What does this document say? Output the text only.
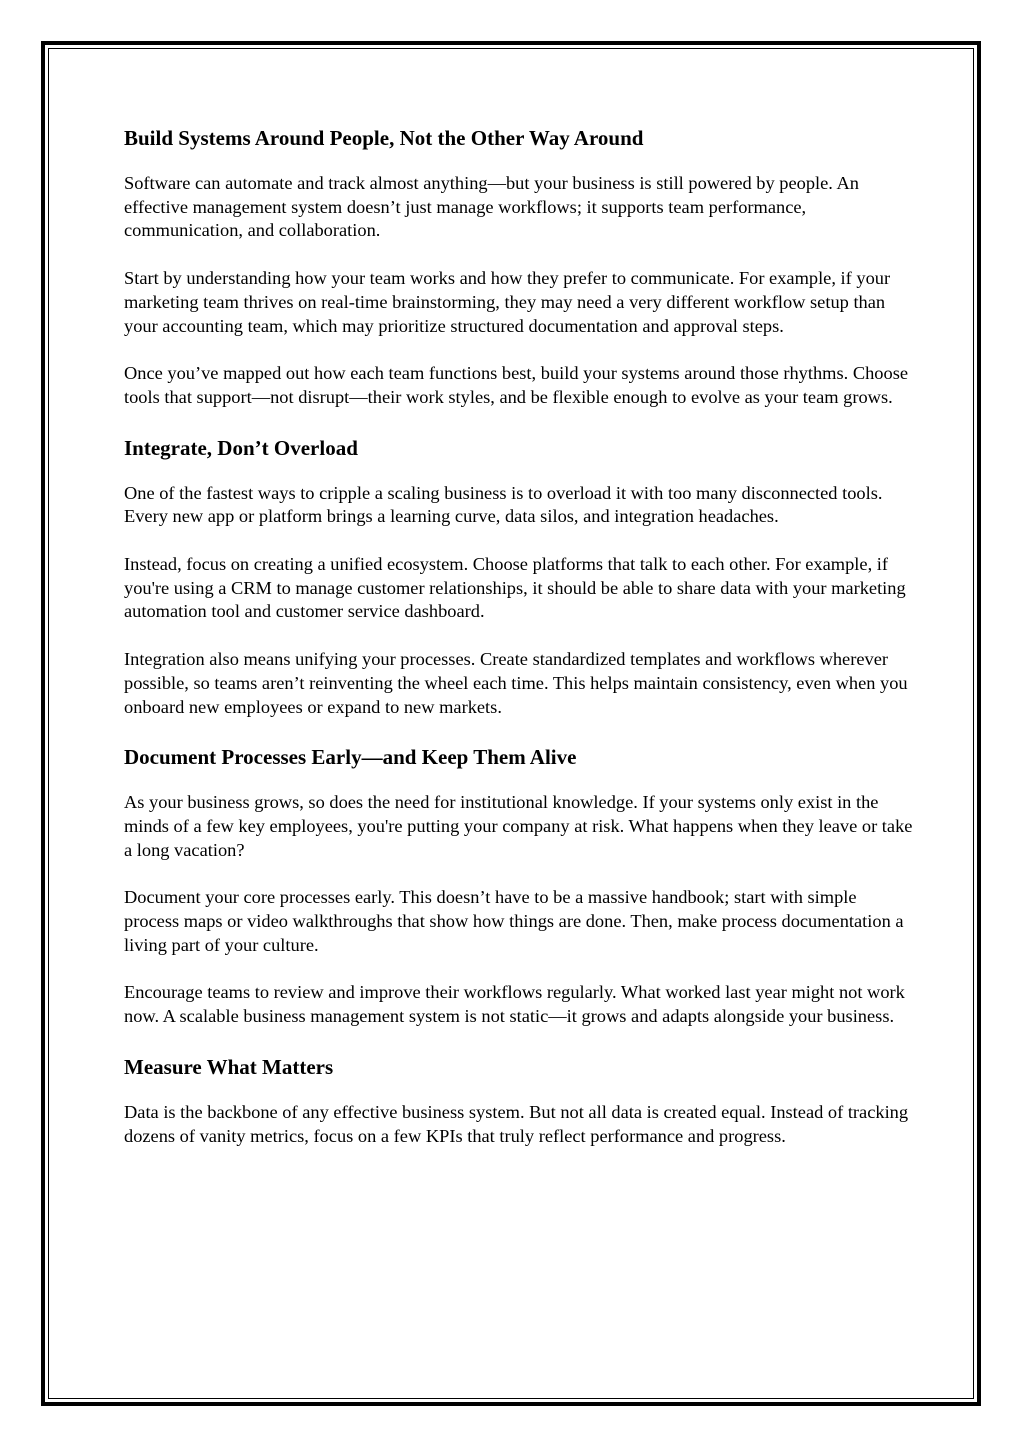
Build Systems Around People, Not the Other Way Around

Software can automate and track almost anything—but your business is still powered by people. An effective management system doesn’t just manage workflows; it supports team performance, communication, and collaboration.

Start by understanding how your team works and how they prefer to communicate. For example, if your marketing team thrives on real-time brainstorming, they may need a very different workflow setup than your accounting team, which may prioritize structured documentation and approval steps.

Once you’ve mapped out how each team functions best, build your systems around those rhythms. Choose tools that support—not disrupt—their work styles, and be flexible enough to evolve as your team grows.

Integrate, Don’t Overload

One of the fastest ways to cripple a scaling business is to overload it with too many disconnected tools. Every new app or platform brings a learning curve, data silos, and integration headaches.

Instead, focus on creating a unified ecosystem. Choose platforms that talk to each other. For example, if you're using a CRM to manage customer relationships, it should be able to share data with your marketing automation tool and customer service dashboard.

Integration also means unifying your processes. Create standardized templates and workflows wherever possible, so teams aren’t reinventing the wheel each time. This helps maintain consistency, even when you onboard new employees or expand to new markets.

Document Processes Early—and Keep Them Alive

As your business grows, so does the need for institutional knowledge. If your systems only exist in the minds of a few key employees, you're putting your company at risk. What happens when they leave or take a long vacation?

Document your core processes early. This doesn’t have to be a massive handbook; start with simple process maps or video walkthroughs that show how things are done. Then, make process documentation a living part of your culture.

Encourage teams to review and improve their workflows regularly. What worked last year might not work now. A scalable business management system is not static—it grows and adapts alongside your business.

Measure What Matters

Data is the backbone of any effective business system. But not all data is created equal. Instead of tracking dozens of vanity metrics, focus on a few KPIs that truly reflect performance and progress.
